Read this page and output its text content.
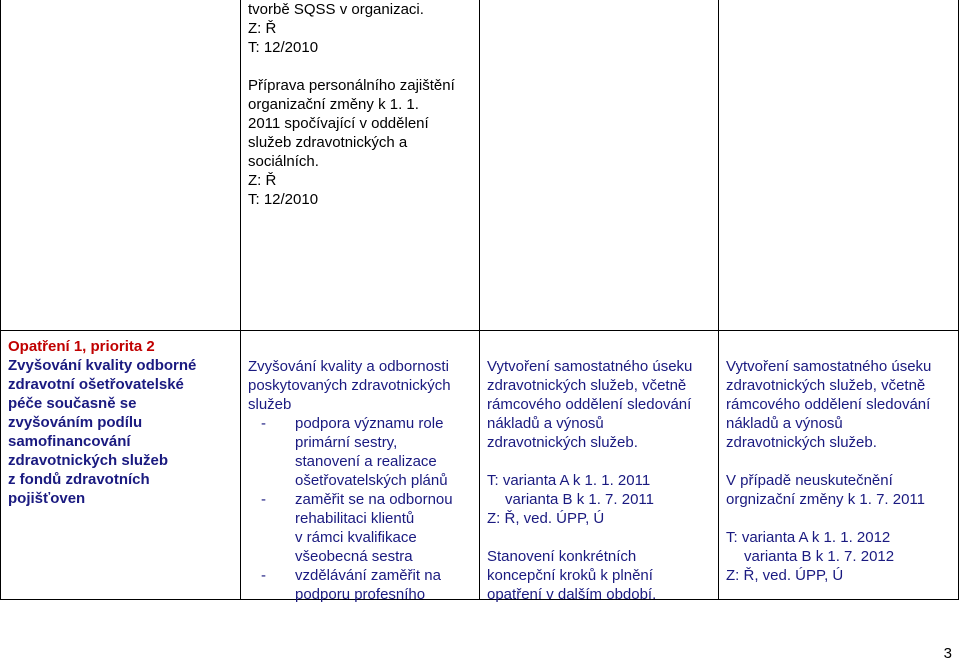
tvorbě SQSS v organizaci.
Z: Ř
T: 12/2010
Příprava personálního zajištění
organizační změny k 1. 1.
2011 spočívající v oddělení
služeb zdravotnických a
sociálních.
Z: Ř
T: 12/2010
Opatření 1, priorita 2
Zvyšování kvality odborné
zdravotní ošetřovatelské
péče současně se
zvyšováním podílu
samofinancování
zdravotnických služeb
z fondů zdravotních
pojišťoven
Zvyšování kvality a odbornosti
poskytovaných zdravotnických
služeb
- podpora významu role
primární sestry,
stanovení a realizace
ošetřovatelských plánů
- zaměřit se na odbornou
rehabilitaci klientů
v rámci kvalifikace
všeobecná sestra
- vzdělávání zaměřit na
podporu profesního
Vytvoření samostatného úseku
zdravotnických služeb, včetně
rámcového oddělení sledování
nákladů a výnosů
zdravotnických služeb.
T: varianta A k 1. 1. 2011
varianta B k 1. 7. 2011
Z: Ř, ved. ÚPP, Ú
Stanovení konkrétních
koncepční kroků k plnění
opatření v dalším období.
Vytvoření samostatného úseku
zdravotnických služeb, včetně
rámcového oddělení sledování
nákladů a výnosů
zdravotnických služeb.
V případě neuskutečnění
orgnizační změny k 1. 7. 2011
T: varianta A k 1. 1. 2012
varianta B k 1. 7. 2012
Z: Ř, ved. ÚPP, Ú
3
